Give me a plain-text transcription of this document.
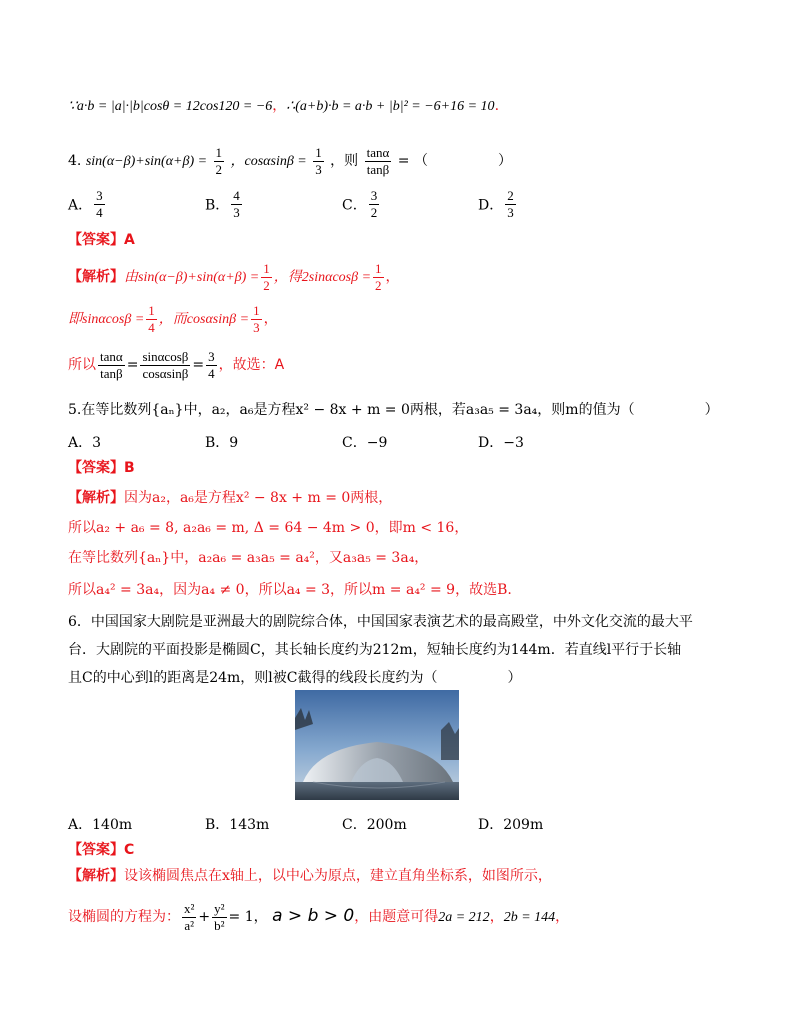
∵a·b = |a|·|b|cosθ = 12cos120 = −6，∴(a+b)·b = a·b + |b|² = −6+16 = 10.
4. $\sin(\alpha-\beta)+\sin(\alpha+\beta) = \frac{1}{2}$ ，$\cos\alpha\sin\beta = \frac{1}{3}$ ，则 $\frac{\tan\alpha}{\tan\beta}$ = （　　　　　）
A． $\frac{3}{4}$	B． $\frac{4}{3}$	C． $\frac{3}{2}$	D． $\frac{2}{3}$
【答案】A
【解析】由$\sin(\alpha-\beta)+\sin(\alpha+\beta) = \frac{1}{2}$ ，得$2\sin\alpha\cos\beta = \frac{1}{2}$ ，
即$\sin\alpha\cos\beta = \frac{1}{4}$ ，而$\cos\alpha\sin\beta = \frac{1}{3}$ ，
所以 $\frac{\tan\alpha}{\tan\beta} = \frac{\sin\alpha\cos\beta}{\cos\alpha\sin\beta} = \frac{3}{4}$ ，故选：A
5.在等比数列{aₙ}中，a₂，a₆是方程x² − 8x + m = 0两根，若a₃a₅ = 3a₄，则m的值为（　　　　　）
A．3	B．9	C．−9	D．−3
【答案】B
【解析】因为a₂，a₆是方程x² − 8x + m = 0两根，
所以a₂ + a₆ = 8, a₂a₆ = m, Δ = 64 − 4m > 0，即m < 16，
在等比数列{aₙ}中，a₂a₆ = a₃a₅ = a₄²，又a₃a₅ = 3a₄，
所以a₄² = 3a₄，因为a₄ ≠ 0，所以a₄ = 3，所以m = a₄² = 9，故选B.
6．中国国家大剧院是亚洲最大的剧院综合体，中国国家表演艺术的最高殿堂，中外文化交流的最大平
台．大剧院的平面投影是椭圆C，其长轴长度约为212m，短轴长度约为144m．若直线l平行于长轴
且C的中心到l的距离是24m，则l被C截得的线段长度约为（　　　　　）
A．140m	B．143m	C．200m	D．209m
【答案】C
【解析】设该椭圆焦点在x轴上，以中心为原点，建立直角坐标系，如图所示，
设椭圆的方程为： $\frac{\text{x²}}{\text{a²}} + \frac{\text{y²}}{\text{b²}} = 1$， a > b > 0，由题意可得2a = 212，2b = 144，
